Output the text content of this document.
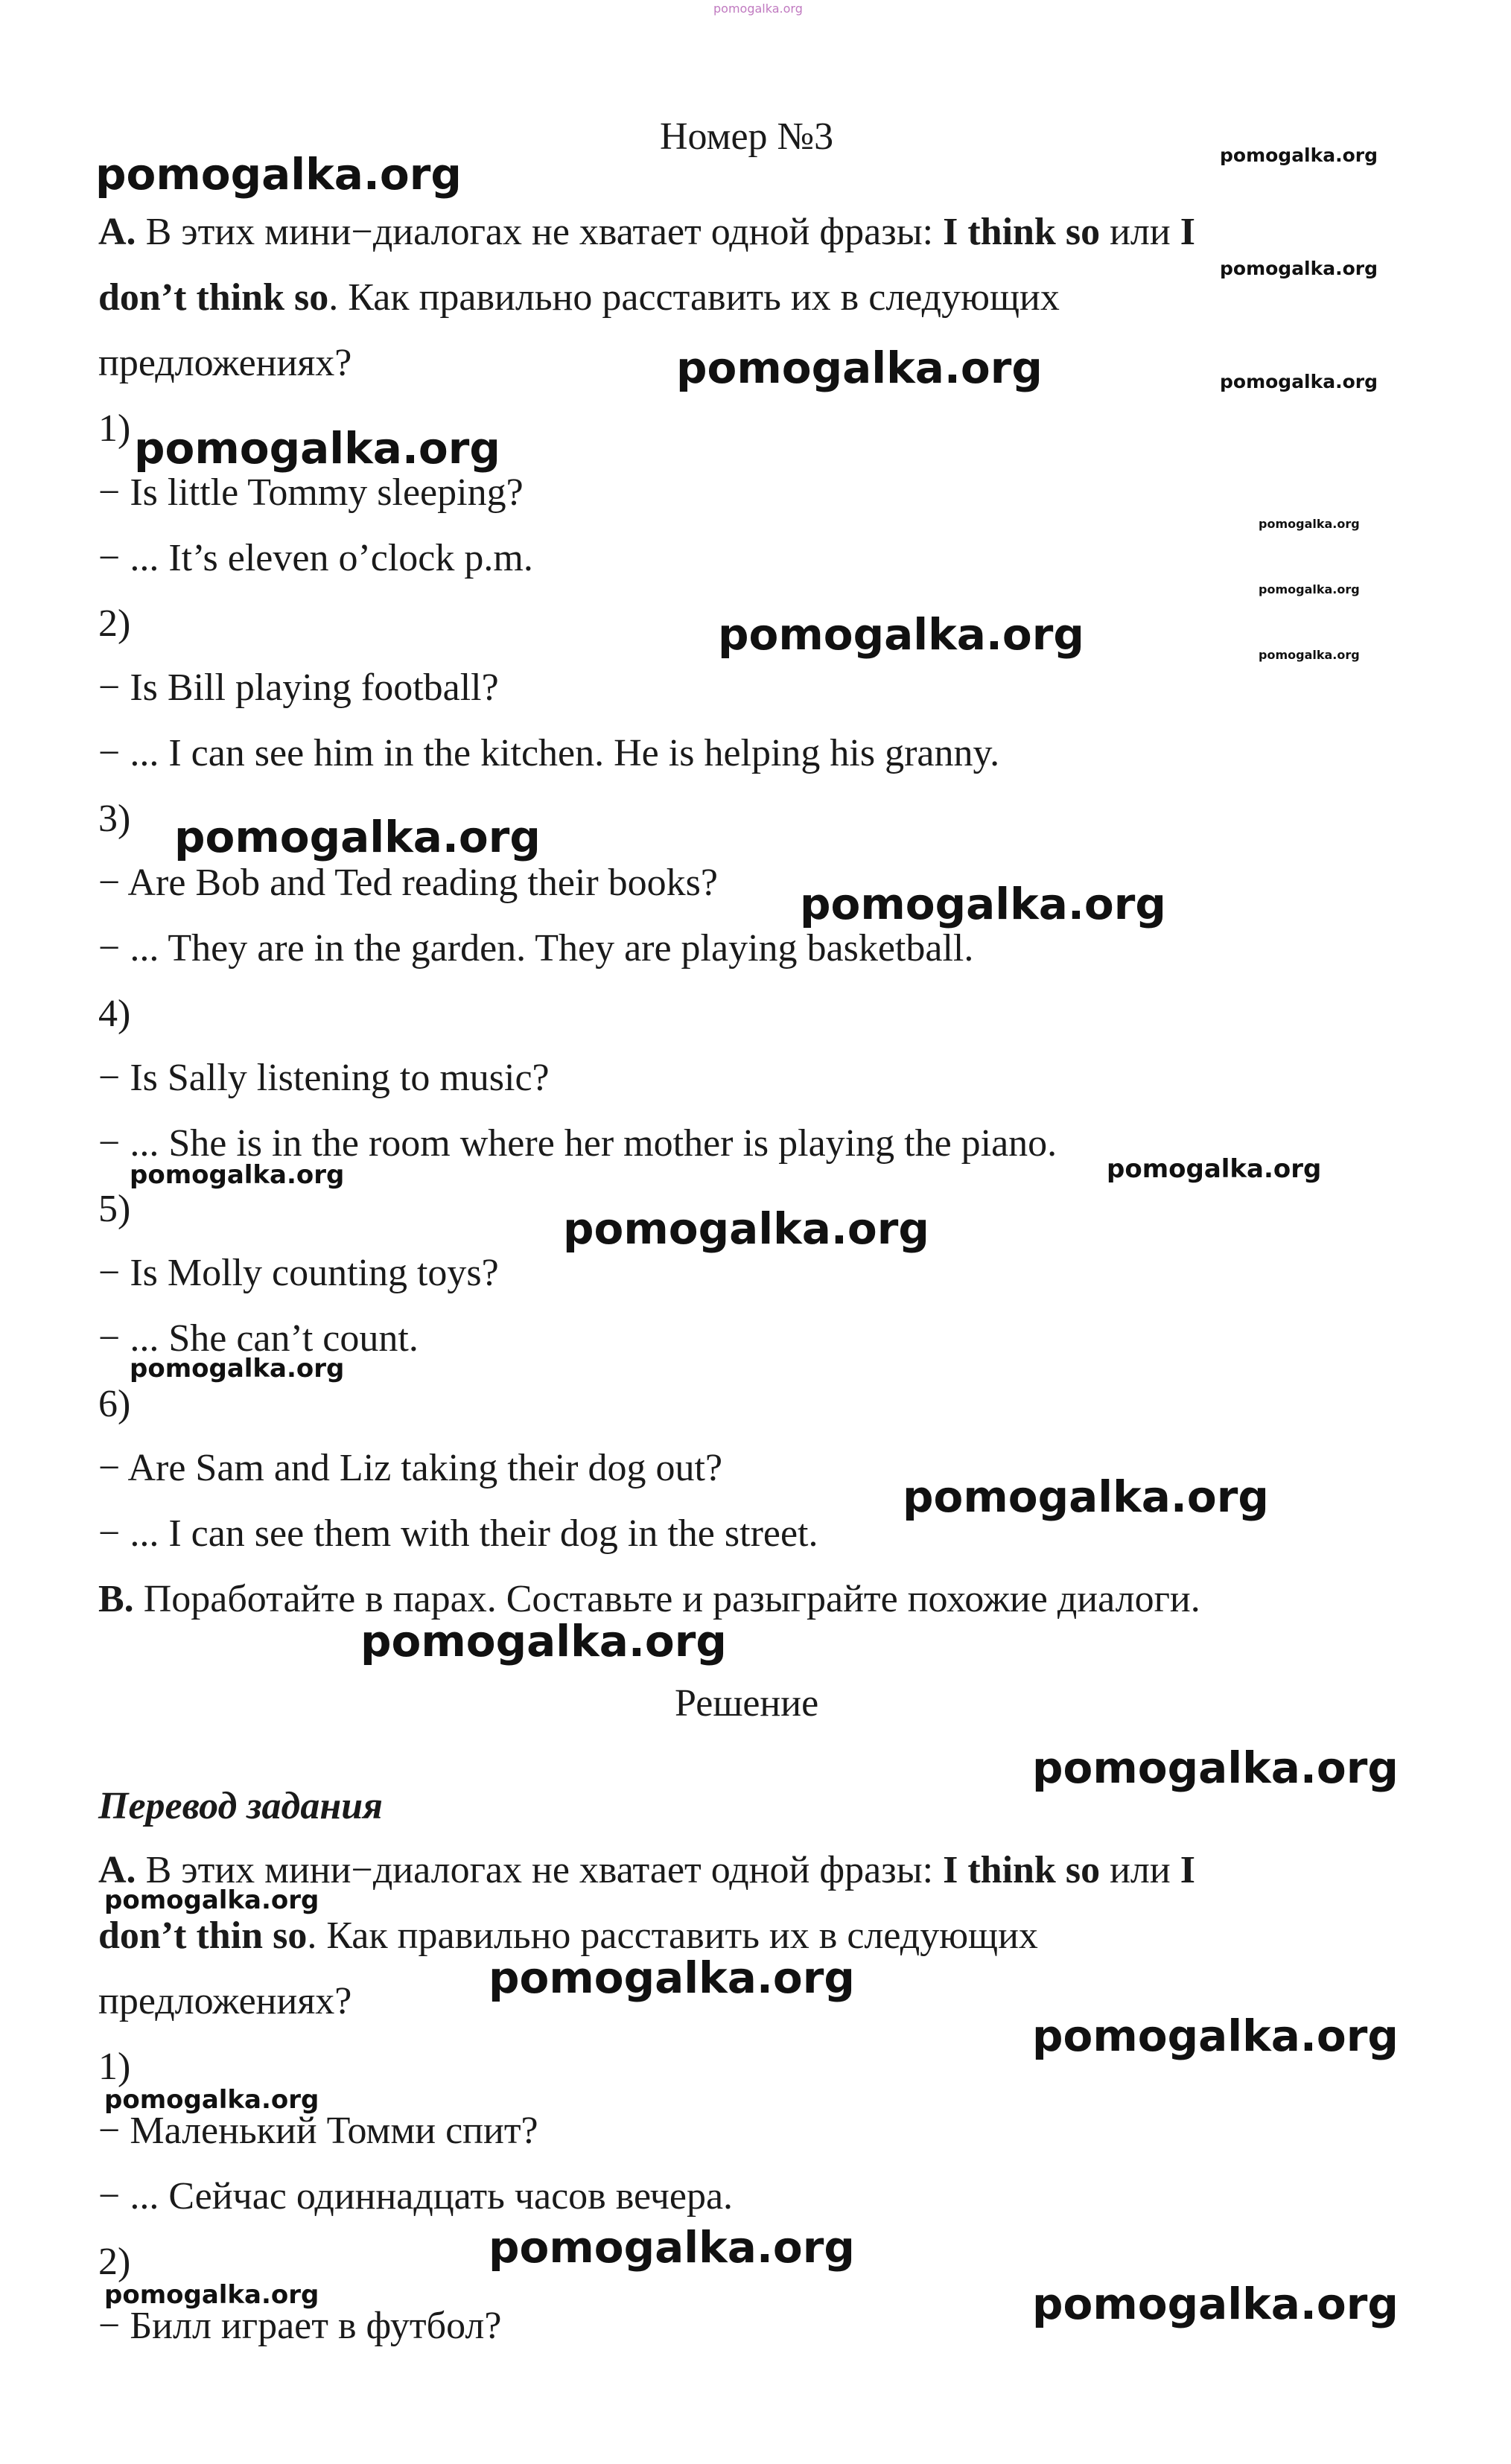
pomogalka.org
Номер №3
A. В этих мини−диалогах не хватает одной фразы: I think so или I
don’t think so. Как правильно расставить их в следующих
предложениях?
1)
− Is little Tommy sleeping?
− ... It’s eleven o’clock p.m.
2)
− Is Bill playing football?
− ... I can see him in the kitchen. He is helping his granny.
3)
− Are Bob and Ted reading their books?
− ... They are in the garden. They are playing basketball.
4)
− Is Sally listening to music?
− ... She is in the room where her mother is playing the piano.
5)
− Is Molly counting toys?
− ... She can’t count.
6)
− Are Sam and Liz taking their dog out?
− ... I can see them with their dog in the street.
B. Поработайте в парах. Составьте и разыграйте похожие диалоги.
Решение
Перевод задания
A. В этих мини−диалогах не хватает одной фразы: I think so или I
don’t thin so. Как правильно расставить их в следующих
предложениях?
1)
− Маленький Томми спит?
− ... Сейчас одиннадцать часов вечера.
2)
− Билл играет в футбол?
pomogalka.org	pomogalka.org
pomogalka.org
pomogalka.org	pomogalka.org
pomogalka.org
pomogalka.org
pomogalka.org
pomogalka.org
pomogalka.org
pomogalka.org
pomogalka.org
pomogalka.org	pomogalka.org
pomogalka.org
pomogalka.org
pomogalka.org
pomogalka.org
pomogalka.org
pomogalka.org
pomogalka.org
pomogalka.org
pomogalka.org
pomogalka.org
pomogalka.org	pomogalka.org
